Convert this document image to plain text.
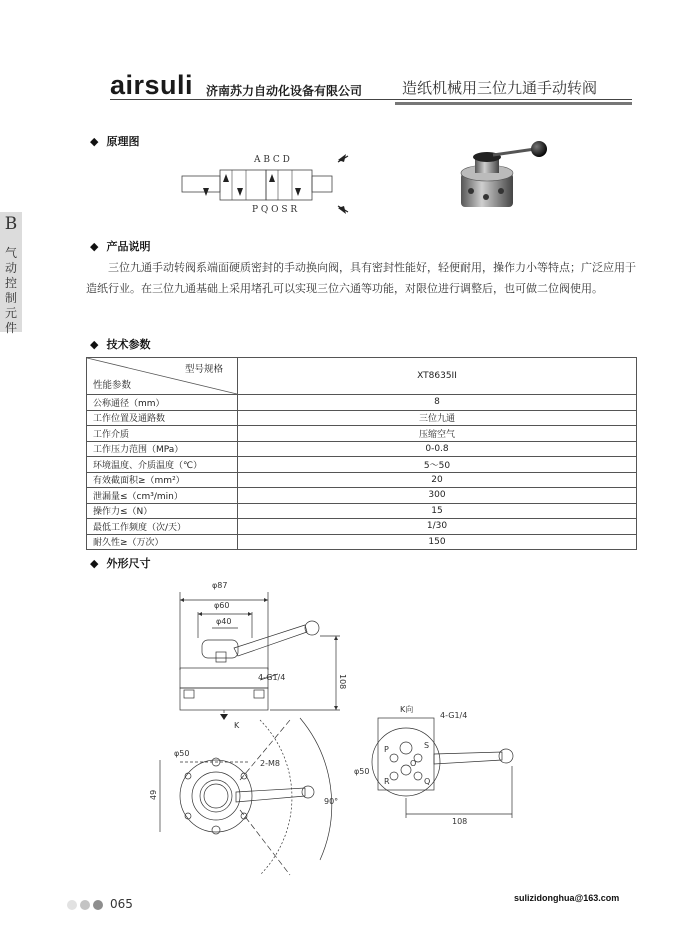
airsuli 济南苏力自动化设备有限公司	造纸机械用三位九通手动转阀
B
气动控制元件
◆ 原理图
A B C D
P Q O S R
◆ 产品说明
三位九通手动转阀系端面硬质密封的手动换向阀，具有密封性能好，轻便耐用，操作力小等特点；广泛应用于造纸行业。在三位九通基础上采用堵孔可以实现三位六通等功能，对限位进行调整后，也可做二位阀使用。
◆ 技术参数
型号规格
性能参数	XT8635II
公称通径（mm）	8
工作位置及通路数	三位九通
工作介质	压缩空气
工作压力范围（MPa）	0-0.8
环境温度、介质温度（℃）	5～50
有效截面积≥（mm²）	20
泄漏量≤（cm³/min）	300
操作力≤（N）	15
最低工作频度（次/天）	1/30
耐久性≥（万次）	150
◆ 外形尺寸
φ87
φ60
φ40
108
4-G1/4
K
K向
4-G1/4
φ50
2-M8
49
90°
φ50
108
P	S
O
R	Q
065	sulizidonghua@163.com
